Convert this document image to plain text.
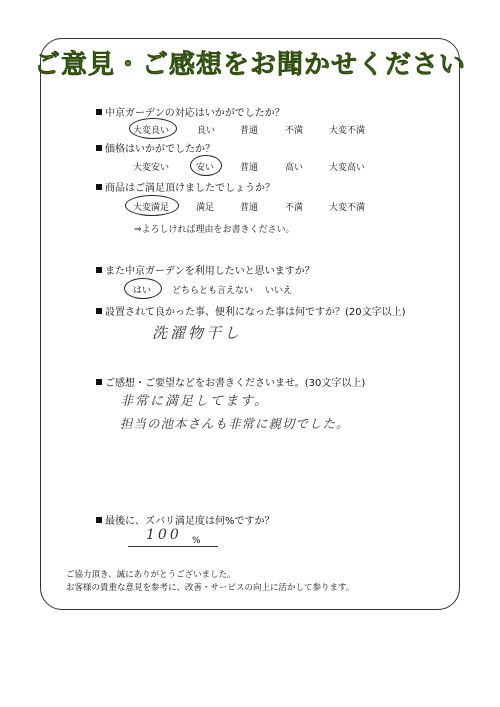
ご意見・ご感想をお聞かせください
中京ガーデンの対応はいかがでしたか？
大変良い	良い	普通	不満	大変不満
価格はいかがでしたか？
大変安い	安い	普通	高い	大変高い
商品はご満足頂けましたでしょうか？
大変満足	満足	普通	不満	大変不満
⇒よろしければ理由をお書きください。
また中京ガーデンを利用したいと思いますか？
はい どちらとも言えない いいえ
設置されて良かった事、便利になった事は何ですか？(20文字以上)
洗濯物干し
ご感想・ご要望などをお書きくださいませ。(30文字以上)
非常に満足してます。
担当の池本さんも非常に親切でした。
最後に、ズバリ満足度は何%ですか？
100 %
ご協力頂き、誠にありがとうございました。
お客様の貴重な意見を参考に、改善・サービスの向上に活かして参ります。
